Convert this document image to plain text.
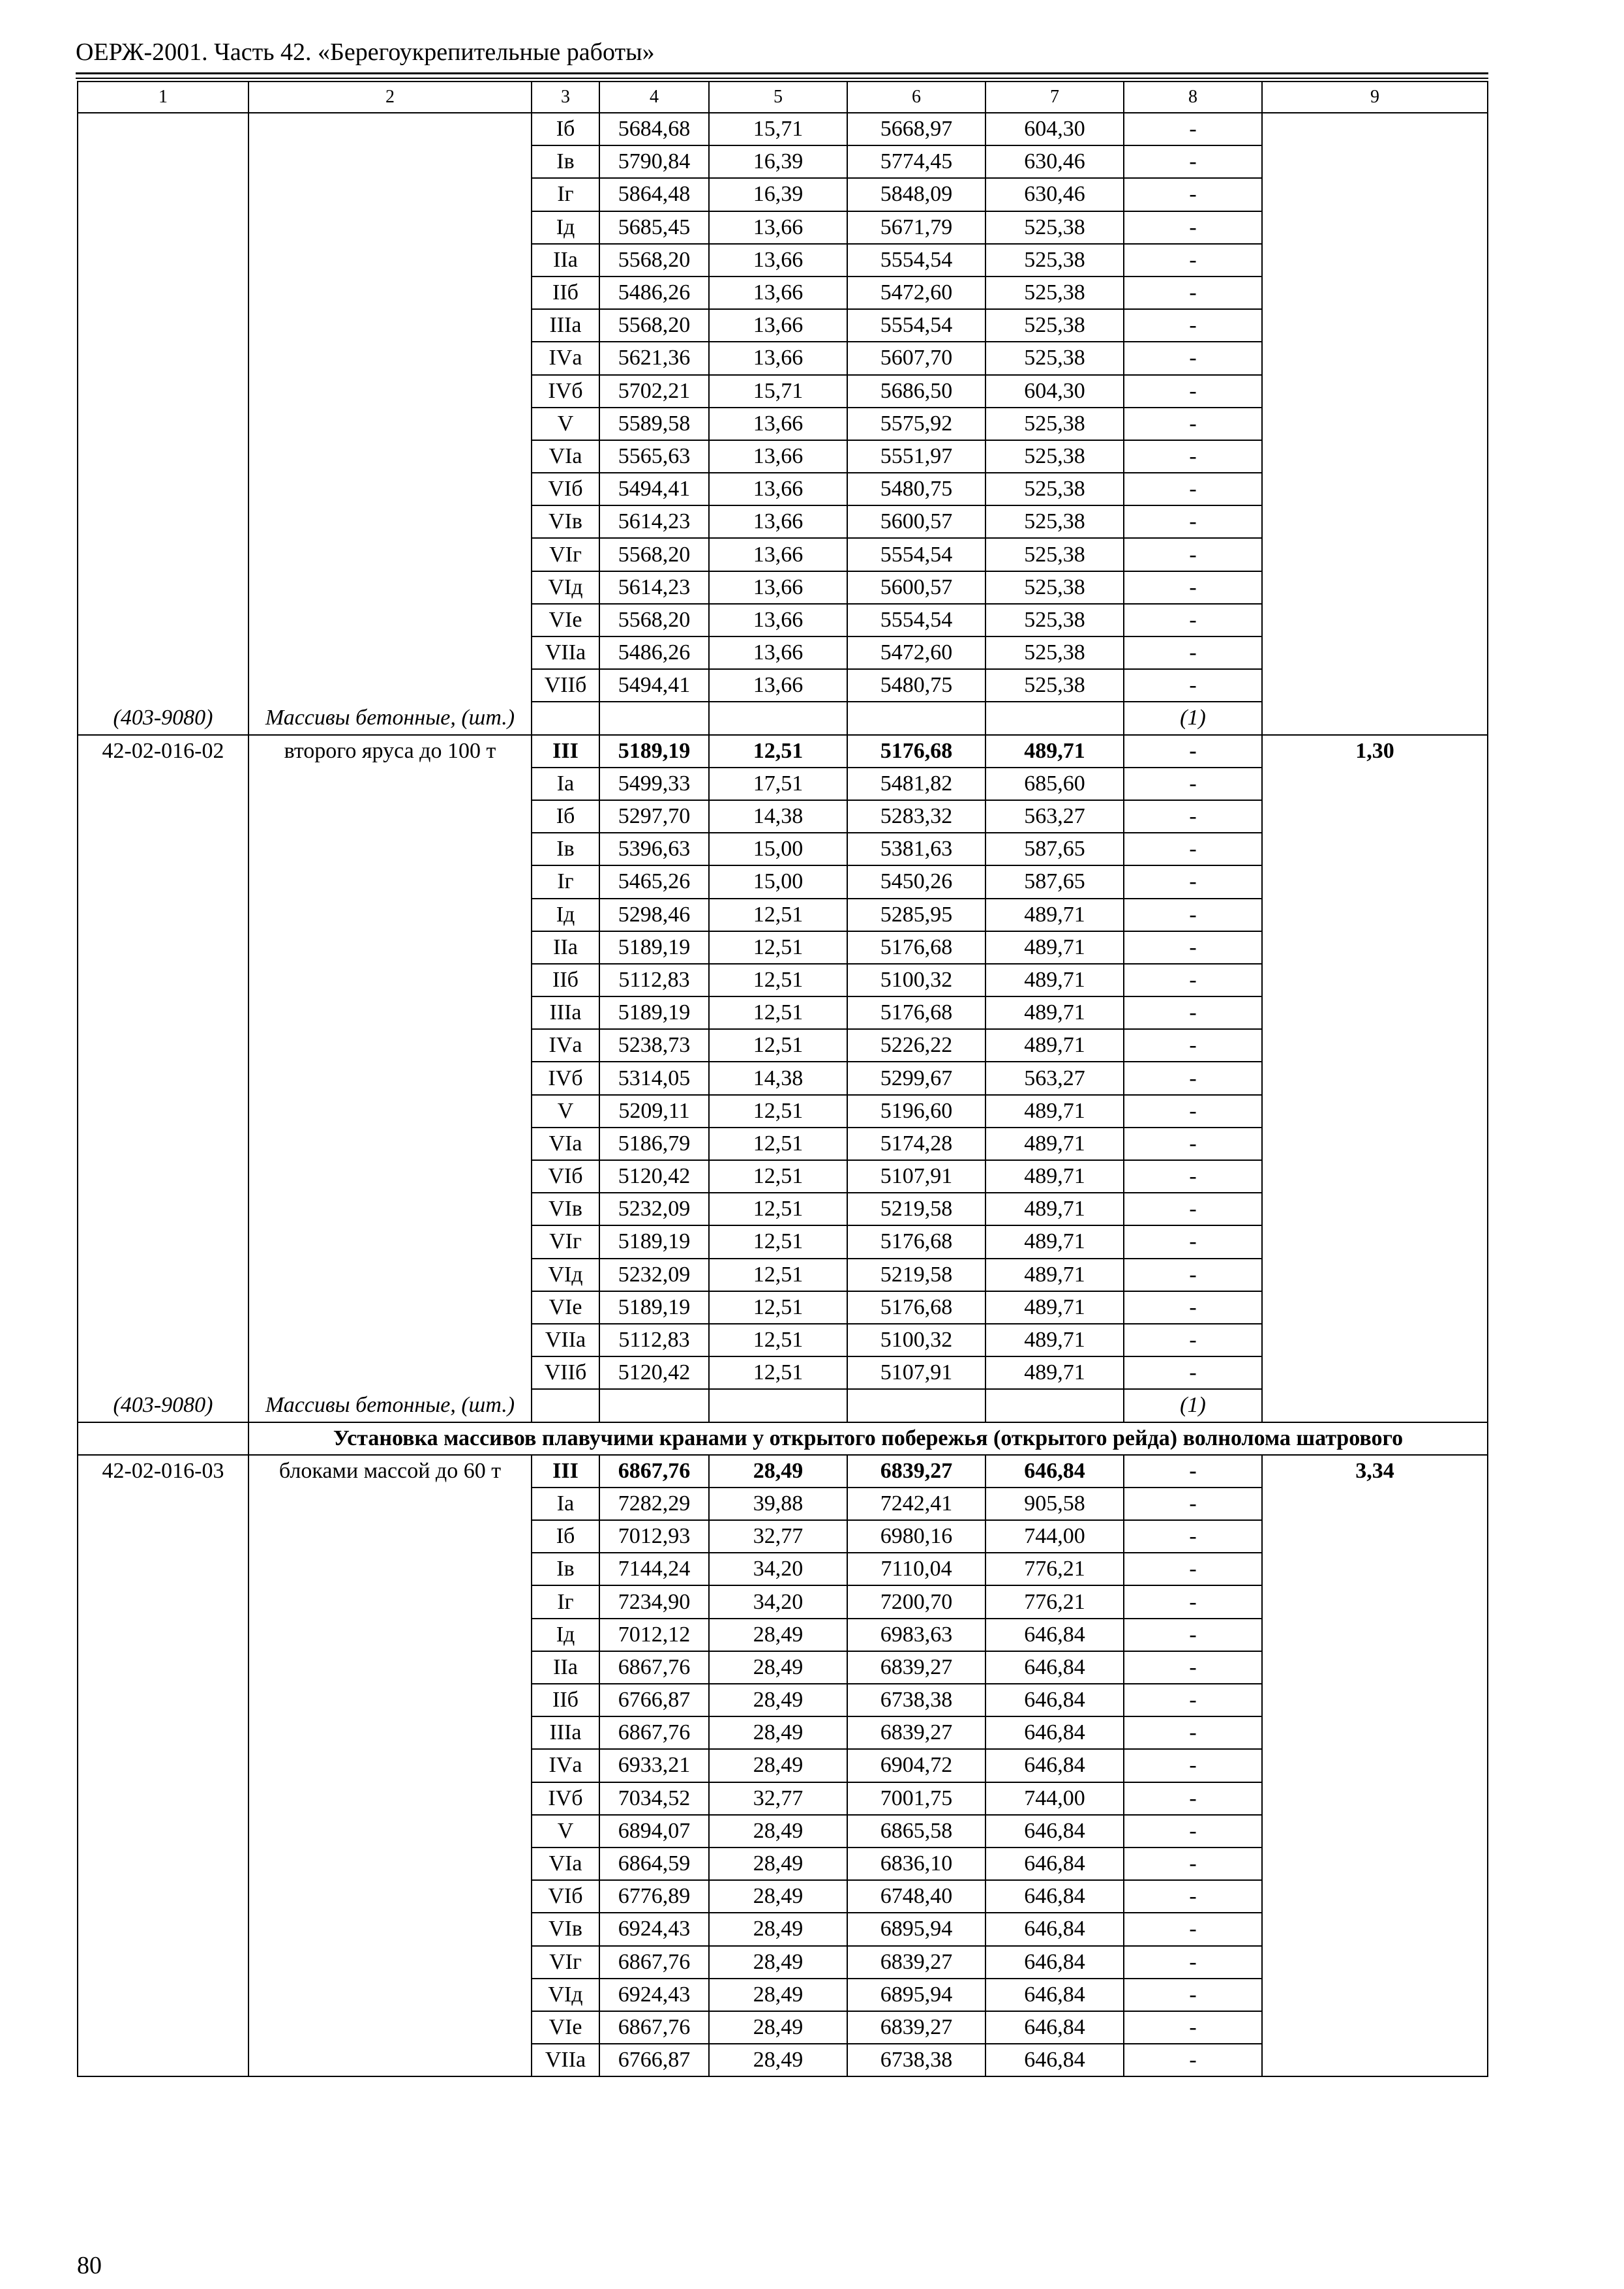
ОЕРЖ-2001. Часть 42. «Берегоукрепительные работы»
1	2	3	4	5	6	7	8	9
		Iб	5684,68	15,71	5668,97	604,30	-	
		Iв	5790,84	16,39	5774,45	630,46	-	
		Iг	5864,48	16,39	5848,09	630,46	-	
		Iд	5685,45	13,66	5671,79	525,38	-	
		IIа	5568,20	13,66	5554,54	525,38	-	
		IIб	5486,26	13,66	5472,60	525,38	-	
		IIIа	5568,20	13,66	5554,54	525,38	-	
		IVа	5621,36	13,66	5607,70	525,38	-	
		IVб	5702,21	15,71	5686,50	604,30	-	
		V	5589,58	13,66	5575,92	525,38	-	
		VIа	5565,63	13,66	5551,97	525,38	-	
		VIб	5494,41	13,66	5480,75	525,38	-	
		VIв	5614,23	13,66	5600,57	525,38	-	
		VIг	5568,20	13,66	5554,54	525,38	-	
		VIд	5614,23	13,66	5600,57	525,38	-	
		VIе	5568,20	13,66	5554,54	525,38	-	
		VIIа	5486,26	13,66	5472,60	525,38	-	
		VIIб	5494,41	13,66	5480,75	525,38	-	
(403-9080)	Массивы бетонные, (шт.)						(1)	
42-02-016-02	второго яруса до 100 т	III	5189,19	12,51	5176,68	489,71	-	1,30
		Iа	5499,33	17,51	5481,82	685,60	-	
		Iб	5297,70	14,38	5283,32	563,27	-	
		Iв	5396,63	15,00	5381,63	587,65	-	
		Iг	5465,26	15,00	5450,26	587,65	-	
		Iд	5298,46	12,51	5285,95	489,71	-	
		IIа	5189,19	12,51	5176,68	489,71	-	
		IIб	5112,83	12,51	5100,32	489,71	-	
		IIIа	5189,19	12,51	5176,68	489,71	-	
		IVа	5238,73	12,51	5226,22	489,71	-	
		IVб	5314,05	14,38	5299,67	563,27	-	
		V	5209,11	12,51	5196,60	489,71	-	
		VIа	5186,79	12,51	5174,28	489,71	-	
		VIб	5120,42	12,51	5107,91	489,71	-	
		VIв	5232,09	12,51	5219,58	489,71	-	
		VIг	5189,19	12,51	5176,68	489,71	-	
		VIд	5232,09	12,51	5219,58	489,71	-	
		VIе	5189,19	12,51	5176,68	489,71	-	
		VIIа	5112,83	12,51	5100,32	489,71	-	
		VIIб	5120,42	12,51	5107,91	489,71	-	
(403-9080)	Массивы бетонные, (шт.)						(1)	
	Установка массивов плавучими кранами у открытого побережья (открытого рейда) волнолома шатрового							
42-02-016-03	блоками массой до 60 т	III	6867,76	28,49	6839,27	646,84	-	3,34
		Iа	7282,29	39,88	7242,41	905,58	-	
		Iб	7012,93	32,77	6980,16	744,00	-	
		Iв	7144,24	34,20	7110,04	776,21	-	
		Iг	7234,90	34,20	7200,70	776,21	-	
		Iд	7012,12	28,49	6983,63	646,84	-	
		IIа	6867,76	28,49	6839,27	646,84	-	
		IIб	6766,87	28,49	6738,38	646,84	-	
		IIIа	6867,76	28,49	6839,27	646,84	-	
		IVа	6933,21	28,49	6904,72	646,84	-	
		IVб	7034,52	32,77	7001,75	744,00	-	
		V	6894,07	28,49	6865,58	646,84	-	
		VIа	6864,59	28,49	6836,10	646,84	-	
		VIб	6776,89	28,49	6748,40	646,84	-	
		VIв	6924,43	28,49	6895,94	646,84	-	
		VIг	6867,76	28,49	6839,27	646,84	-	
		VIд	6924,43	28,49	6895,94	646,84	-	
		VIе	6867,76	28,49	6839,27	646,84	-	
		VIIа	6766,87	28,49	6738,38	646,84	-	
80
